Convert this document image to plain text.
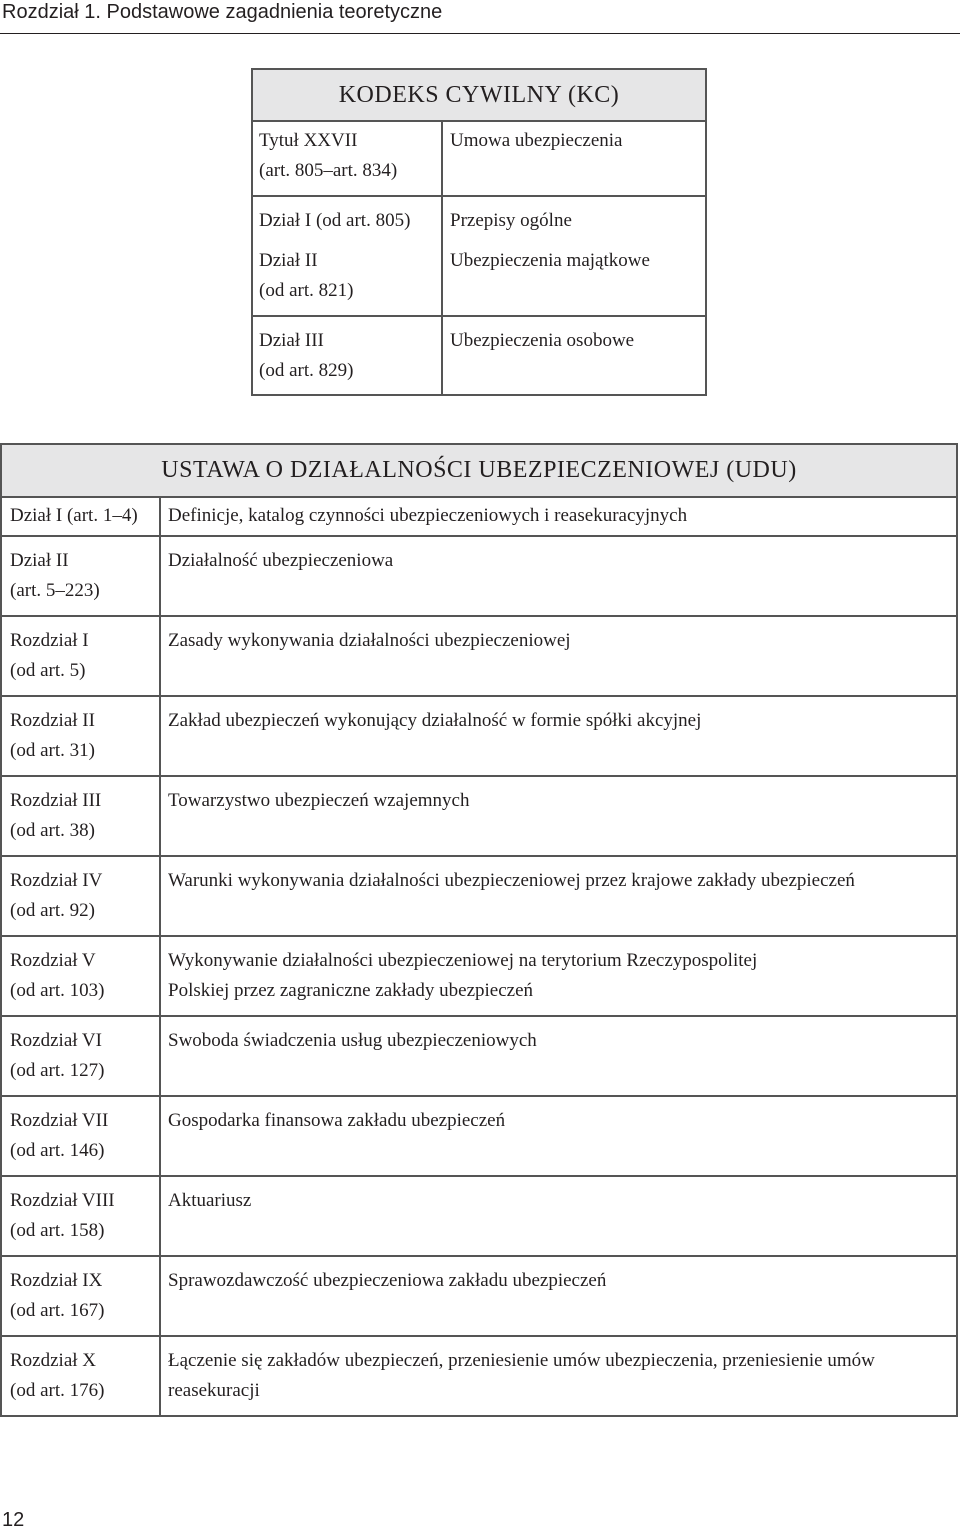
Rozdział 1. Podstawowe zagadnienia teoretyczne
KODEKS CYWILNY (KC)	

Tytuł XXVII
(art. 805–art. 834)	Umowa ubezpieczenia

Dział I (od art. 805)	Przepisy ogólne

Dział II
(od art. 821)	Ubezpieczenia majątkowe

Dział III
(od art. 829)	Ubezpieczenia osobowe
USTAWA O DZIAŁALNOŚCI UBEZPIECZENIOWEJ (UDU)	

Dział I (art. 1–4)	Definicje, katalog czynności ubezpieczeniowych i reasekuracyjnych

Dział II
(art. 5–223)	Działalność ubezpieczeniowa

Rozdział I
(od art. 5)	Zasady wykonywania działalności ubezpieczeniowej

Rozdział II
(od art. 31)	Zakład ubezpieczeń wykonujący działalność w formie spółki akcyjnej

Rozdział III
(od art. 38)	Towarzystwo ubezpieczeń wzajemnych

Rozdział IV
(od art. 92)	Warunki wykonywania działalności ubezpieczeniowej przez krajowe zakłady ubezpieczeń

Rozdział V
(od art. 103)	Wykonywanie działalności ubezpieczeniowej na terytorium Rzeczypospolitej
Polskiej przez zagraniczne zakłady ubezpieczeń

Rozdział VI
(od art. 127)	Swoboda świadczenia usług ubezpieczeniowych

Rozdział VII
(od art. 146)	Gospodarka finansowa zakładu ubezpieczeń

Rozdział VIII
(od art. 158)	Aktuariusz

Rozdział IX
(od art. 167)	Sprawozdawczość ubezpieczeniowa zakładu ubezpieczeń

Rozdział X
(od art. 176)	Łączenie się zakładów ubezpieczeń, przeniesienie umów ubezpieczenia, przeniesienie umów
reasekuracji
12
